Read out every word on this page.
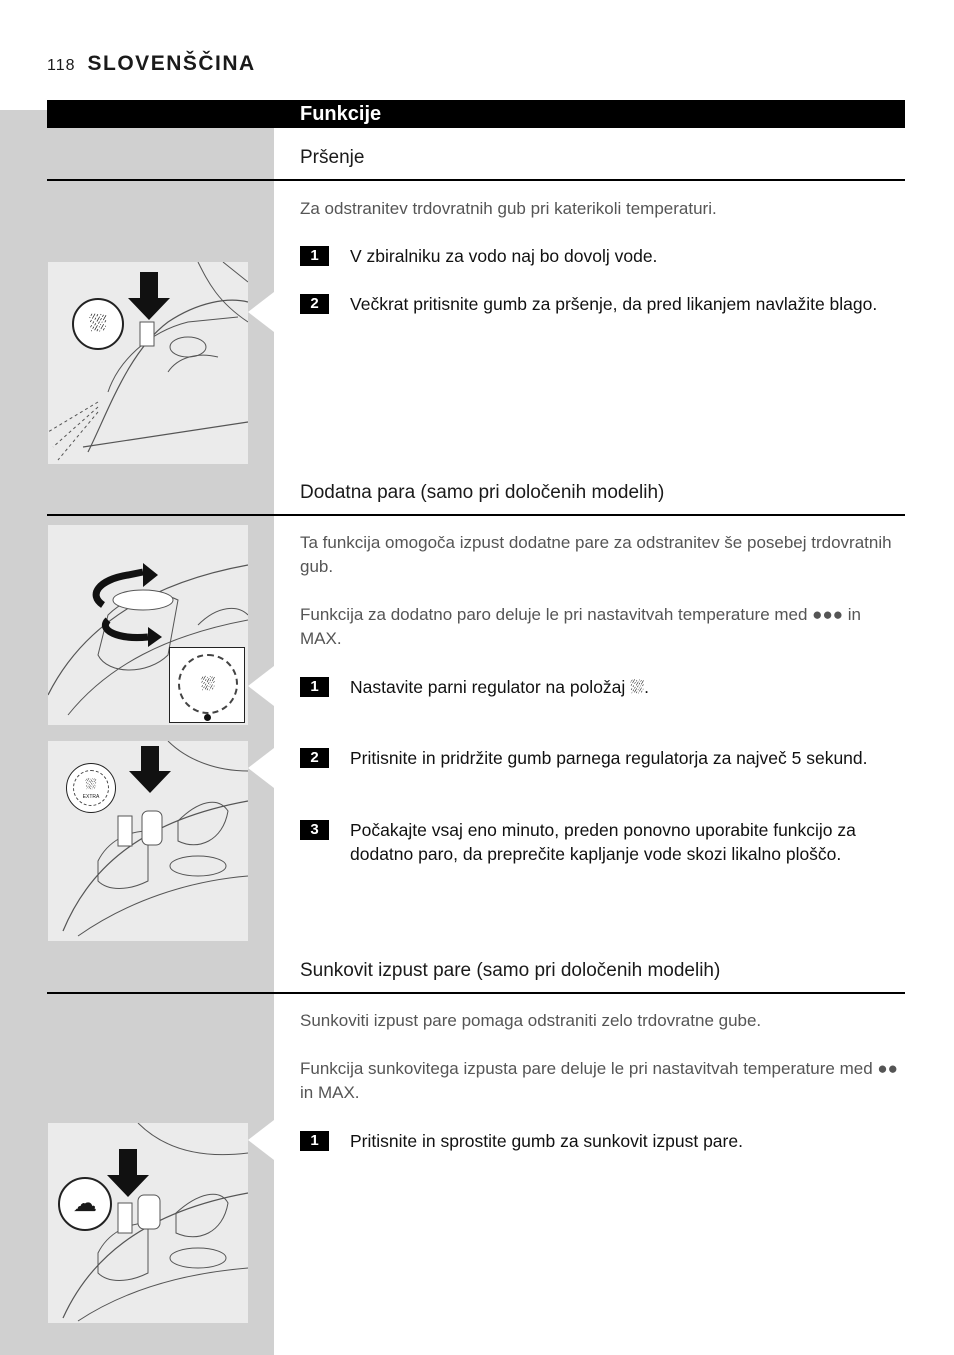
118 SLOVENŠČINA
Funkcije
Pršenje
Za odstranitev trdovratnih gub pri katerikoli temperaturi.
1	V zbiralniku za vodo naj bo dovolj vode.
2	Večkrat pritisnite gumb za pršenje, da pred likanjem navlažite blago.
⛆
Dodatna para (samo pri določenih modelih)
Ta funkcija omogoča izpust dodatne pare za odstranitev še posebej trdovratnih gub.
Funkcija za dodatno paro deluje le pri nastavitvah temperature med ●●● in MAX.
1	Nastavite parni regulator na položaj ⛆.
2	Pritisnite in pridržite gumb parnega regulatorja za največ 5 sekund.
3	Počakajte vsaj eno minuto, preden ponovno uporabite funkcijo za dodatno paro, da preprečite kapljanje vode skozi likalno ploščo.
⛆
⛆
EXTRA
Sunkovit izpust pare (samo pri določenih modelih)
Sunkoviti izpust pare pomaga odstraniti zelo trdovratne gube.
Funkcija sunkovitega izpusta pare deluje le pri nastavitvah temperature med ●● in MAX.
1	Pritisnite in sprostite gumb za sunkovit izpust pare.
☁
